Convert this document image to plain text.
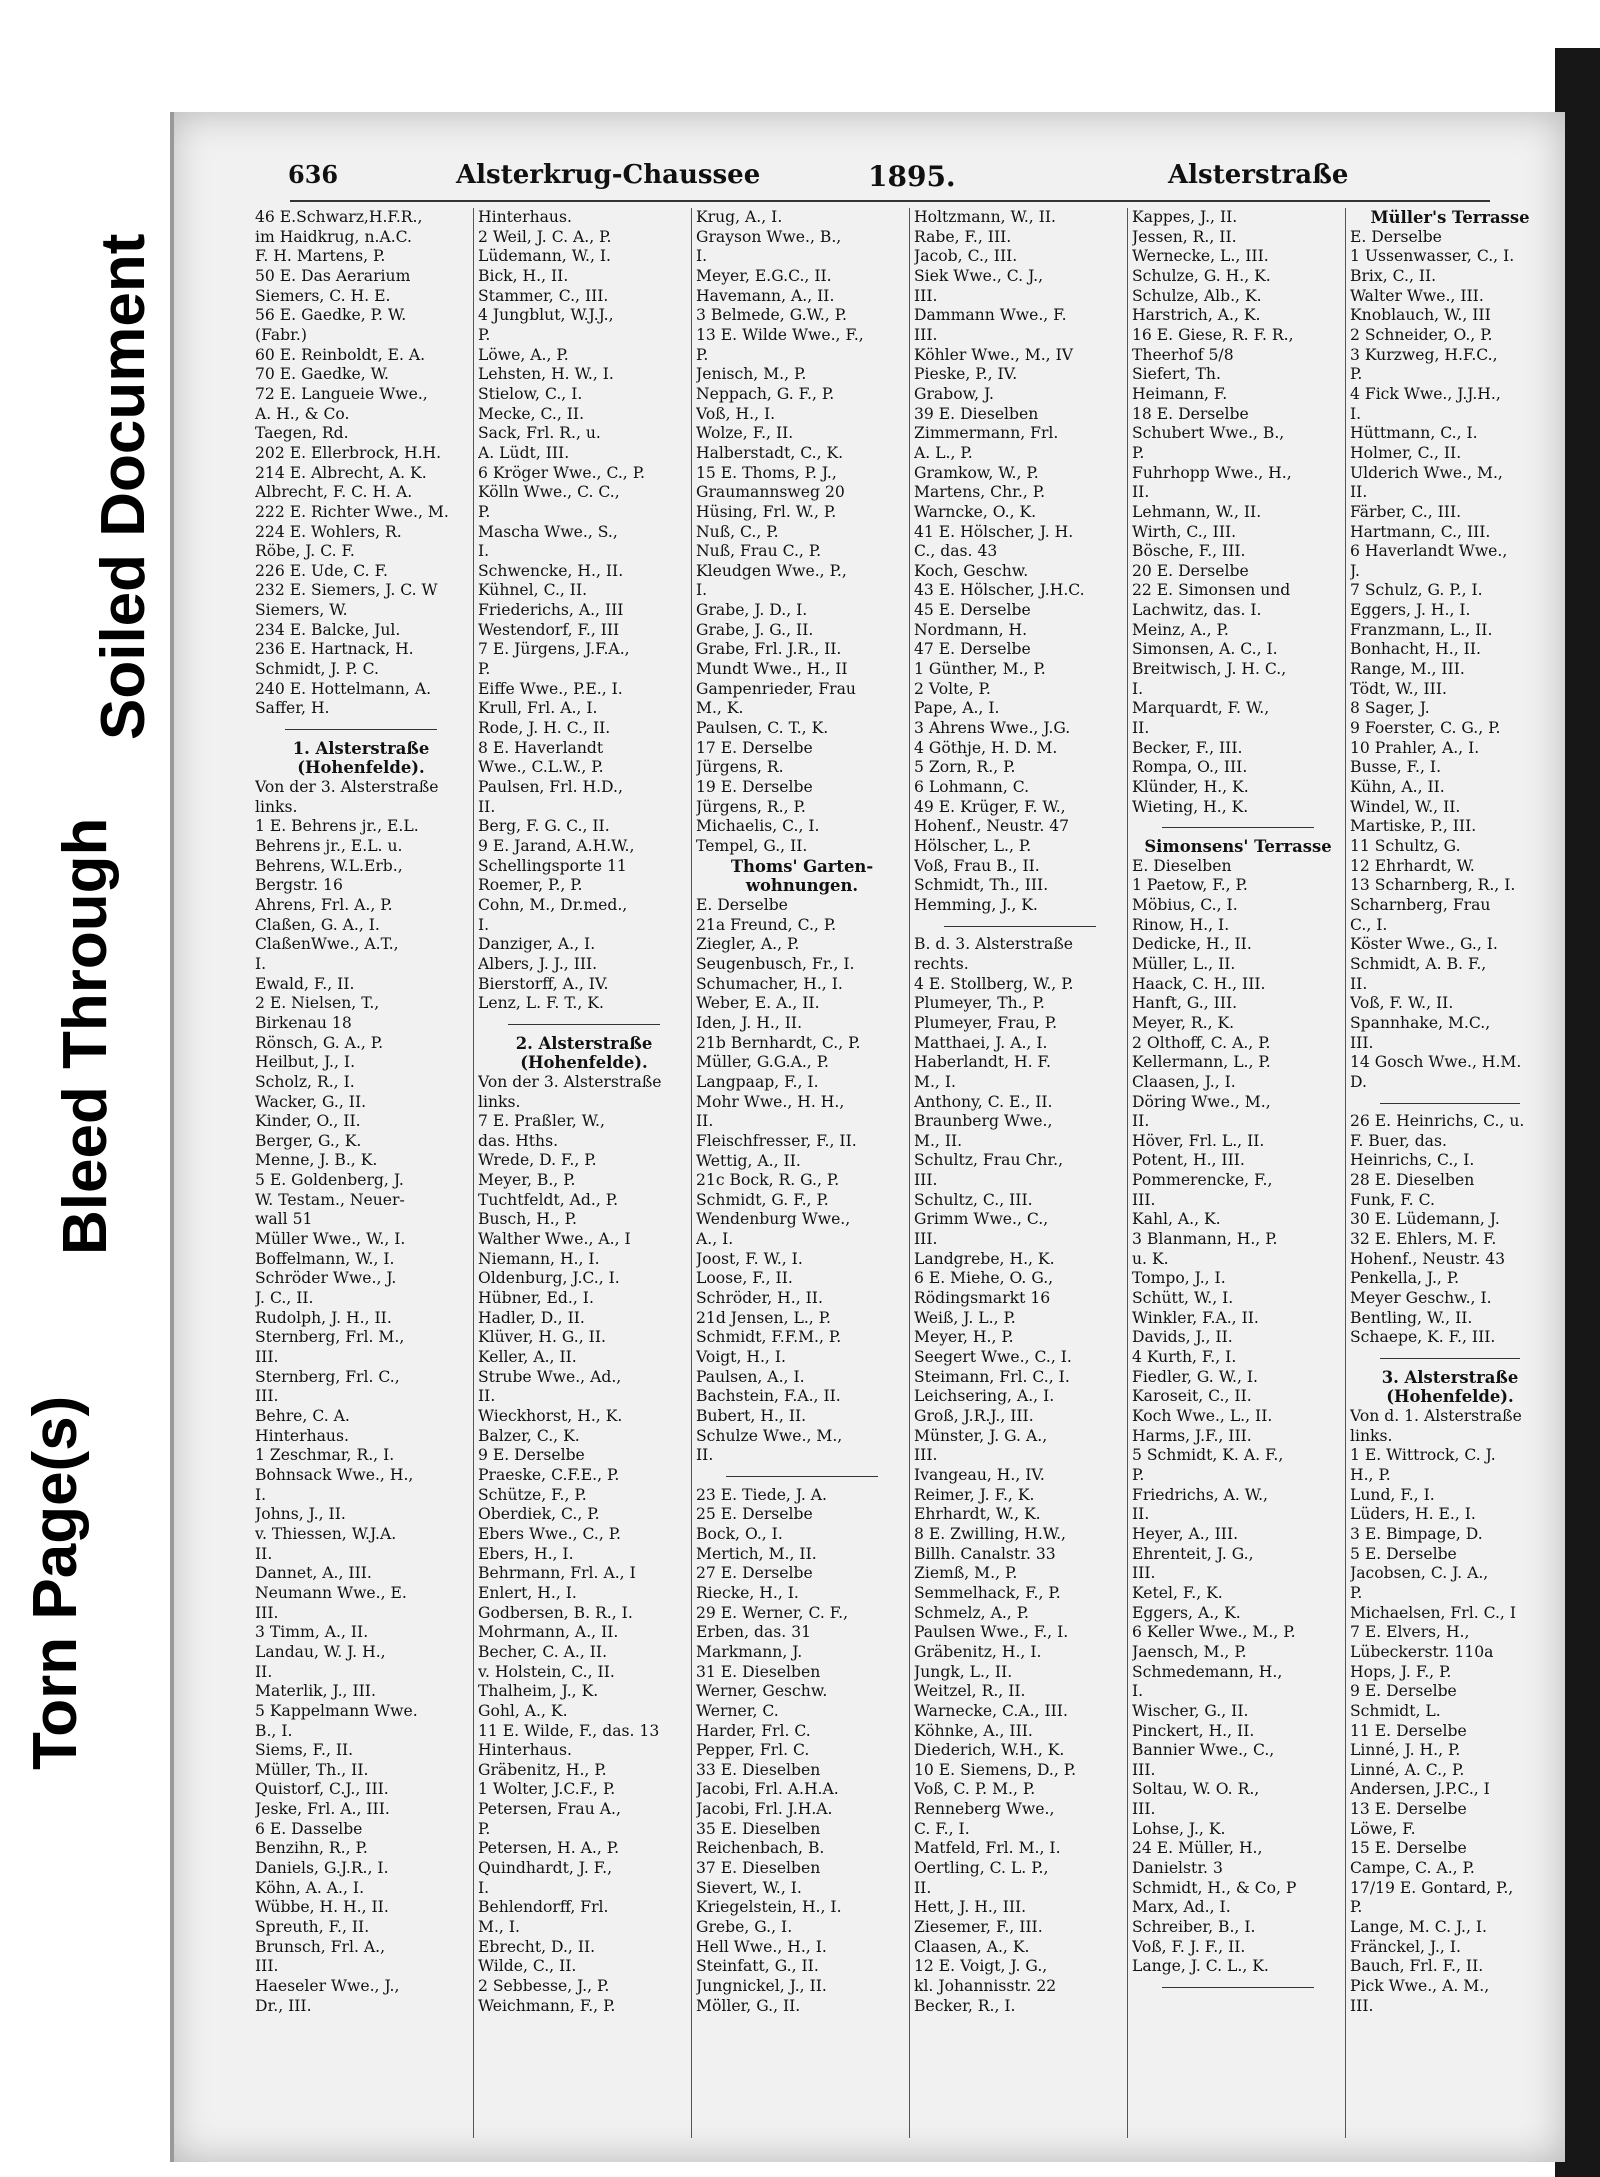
Torn Page(s)
Bleed Through
Soiled Document
636	Alsterkrug-Chaussee	1895.	Alsterstraße
46 E.Schwarz,H.F.R.,
im Haidkrug, n.A.C.
F. H. Martens, P.
50 E. Das Aerarium
Siemers, C. H. E.
56 E. Gaedke, P. W.
(Fabr.)
60 E. Reinboldt, E. A.
70 E. Gaedke, W.
72 E. Langueie Wwe.,
A. H., & Co.
Taegen, Rd.
202 E. Ellerbrock, H.H.
214 E. Albrecht, A. K.
Albrecht, F. C. H. A.
222 E. Richter Wwe., M.
224 E. Wohlers, R.
Röbe, J. C. F.
226 E. Ude, C. F.
232 E. Siemers, J. C. W
Siemers, W.
234 E. Balcke, Jul.
236 E. Hartnack, H.
Schmidt, J. P. C.
240 E. Hottelmann, A.
Saffer, H.
1. Alsterstraße
(Hohenfelde).
Von der 3. Alsterstraße
links.
1 E. Behrens jr., E.L.
Behrens jr., E.L. u.
Behrens, W.L.Erb.,
Bergstr. 16
Ahrens, Frl. A., P.
Claßen, G. A., I.
ClaßenWwe., A.T.,
I.
Ewald, F., II.
2 E. Nielsen, T.,
Birkenau 18
Rönsch, G. A., P.
Heilbut, J., I.
Scholz, R., I.
Wacker, G., II.
Kinder, O., II.
Berger, G., K.
Menne, J. B., K.
5 E. Goldenberg, J.
W. Testam., Neuer-
wall 51
Müller Wwe., W., I.
Boffelmann, W., I.
Schröder Wwe., J.
J. C., II.
Rudolph, J. H., II.
Sternberg, Frl. M.,
III.
Sternberg, Frl. C.,
III.
Behre, C. A.
Hinterhaus.
1 Zeschmar, R., I.
Bohnsack Wwe., H.,
I.
Johns, J., II.
v. Thiessen, W.J.A.
II.
Dannet, A., III.
Neumann Wwe., E.
III.
3 Timm, A., II.
Landau, W. J. H.,
II.
Materlik, J., III.
5 Kappelmann Wwe.
B., I.
Siems, F., II.
Müller, Th., II.
Quistorf, C.J., III.
Jeske, Frl. A., III.
6 E. Dasselbe
Benzihn, R., P.
Daniels, G.J.R., I.
Köhn, A. A., I.
Wübbe, H. H., II.
Spreuth, F., II.
Brunsch, Frl. A.,
III.
Haeseler Wwe., J.,
Dr., III.
Hinterhaus.
2 Weil, J. C. A., P.
Lüdemann, W., I.
Bick, H., II.
Stammer, C., III.
4 Jungblut, W.J.J.,
P.
Löwe, A., P.
Lehsten, H. W., I.
Stielow, C., I.
Mecke, C., II.
Sack, Frl. R., u.
A. Lüdt, III.
6 Kröger Wwe., C., P.
Kölln Wwe., C. C.,
P.
Mascha Wwe., S.,
I.
Schwencke, H., II.
Kühnel, C., II.
Friederichs, A., III
Westendorf, F., III
7 E. Jürgens, J.F.A.,
P.
Eiffe Wwe., P.E., I.
Krull, Frl. A., I.
Rode, J. H. C., II.
8 E. Haverlandt
Wwe., C.L.W., P.
Paulsen, Frl. H.D.,
II.
Berg, F. G. C., II.
9 E. Jarand, A.H.W.,
Schellingsporte 11
Roemer, P., P.
Cohn, M., Dr.med.,
I.
Danziger, A., I.
Albers, J. J., III.
Bierstorff, A., IV.
Lenz, L. F. T., K.
2. Alsterstraße
(Hohenfelde).
Von der 3. Alsterstraße
links.
7 E. Praßler, W.,
das. Hths.
Wrede, D. F., P.
Meyer, B., P.
Tuchtfeldt, Ad., P.
Busch, H., P.
Walther Wwe., A., I
Niemann, H., I.
Oldenburg, J.C., I.
Hübner, Ed., I.
Hadler, D., II.
Klüver, H. G., II.
Keller, A., II.
Strube Wwe., Ad.,
II.
Wieckhorst, H., K.
Balzer, C., K.
9 E. Derselbe
Praeske, C.F.E., P.
Schütze, F., P.
Oberdiek, C., P.
Ebers Wwe., C., P.
Ebers, H., I.
Behrmann, Frl. A., I
Enlert, H., I.
Godbersen, B. R., I.
Mohrmann, A., II.
Becher, C. A., II.
v. Holstein, C., II.
Thalheim, J., K.
Gohl, A., K.
11 E. Wilde, F., das. 13
Hinterhaus.
Gräbenitz, H., P.
1 Wolter, J.C.F., P.
Petersen, Frau A.,
P.
Petersen, H. A., P.
Quindhardt, J. F.,
I.
Behlendorff, Frl.
M., I.
Ebrecht, D., II.
Wilde, C., II.
2 Sebbesse, J., P.
Weichmann, F., P.
Krug, A., I.
Grayson Wwe., B.,
I.
Meyer, E.G.C., II.
Havemann, A., II.
3 Belmede, G.W., P.
13 E. Wilde Wwe., F.,
P.
Jenisch, M., P.
Neppach, G. F., P.
Voß, H., I.
Wolze, F., II.
Halberstadt, C., K.
15 E. Thoms, P. J.,
Graumannsweg 20
Hüsing, Frl. W., P.
Nuß, C., P.
Nuß, Frau C., P.
Kleudgen Wwe., P.,
I.
Grabe, J. D., I.
Grabe, J. G., II.
Grabe, Frl. J.R., II.
Mundt Wwe., H., II
Gampenrieder, Frau
M., K.
Paulsen, C. T., K.
17 E. Derselbe
Jürgens, R.
19 E. Derselbe
Jürgens, R., P.
Michaelis, C., I.
Tempel, G., II.
Thoms' Garten-
wohnungen.
E. Derselbe
21a Freund, C., P.
Ziegler, A., P.
Seugenbusch, Fr., I.
Schumacher, H., I.
Weber, E. A., II.
Iden, J. H., II.
21b Bernhardt, C., P.
Müller, G.G.A., P.
Langpaap, F., I.
Mohr Wwe., H. H.,
II.
Fleischfresser, F., II.
Wettig, A., II.
21c Bock, R. G., P.
Schmidt, G. F., P.
Wendenburg Wwe.,
A., I.
Joost, F. W., I.
Loose, F., II.
Schröder, H., II.
21d Jensen, L., P.
Schmidt, F.F.M., P.
Voigt, H., I.
Paulsen, A., I.
Bachstein, F.A., II.
Bubert, H., II.
Schulze Wwe., M.,
II.
23 E. Tiede, J. A.
25 E. Derselbe
Bock, O., I.
Mertich, M., II.
27 E. Derselbe
Riecke, H., I.
29 E. Werner, C. F.,
Erben, das. 31
Markmann, J.
31 E. Dieselben
Werner, Geschw.
Werner, C.
Harder, Frl. C.
Pepper, Frl. C.
33 E. Dieselben
Jacobi, Frl. A.H.A.
Jacobi, Frl. J.H.A.
35 E. Dieselben
Reichenbach, B.
37 E. Dieselben
Sievert, W., I.
Kriegelstein, H., I.
Grebe, G., I.
Hell Wwe., H., I.
Steinfatt, G., II.
Jungnickel, J., II.
Möller, G., II.
Holtzmann, W., II.
Rabe, F., III.
Jacob, C., III.
Siek Wwe., C. J.,
III.
Dammann Wwe., F.
III.
Köhler Wwe., M., IV
Pieske, P., IV.
Grabow, J.
39 E. Dieselben
Zimmermann, Frl.
A. L., P.
Gramkow, W., P.
Martens, Chr., P.
Warncke, O., K.
41 E. Hölscher, J. H.
C., das. 43
Koch, Geschw.
43 E. Hölscher, J.H.C.
45 E. Derselbe
Nordmann, H.
47 E. Derselbe
1 Günther, M., P.
2 Volte, P.
Pape, A., I.
3 Ahrens Wwe., J.G.
4 Göthje, H. D. M.
5 Zorn, R., P.
6 Lohmann, C.
49 E. Krüger, F. W.,
Hohenf., Neustr. 47
Hölscher, L., P.
Voß, Frau B., II.
Schmidt, Th., III.
Hemming, J., K.
B. d. 3. Alsterstraße
rechts.
4 E. Stollberg, W., P.
Plumeyer, Th., P.
Plumeyer, Frau, P.
Matthaei, J. A., I.
Haberlandt, H. F.
M., I.
Anthony, C. E., II.
Braunberg Wwe.,
M., II.
Schultz, Frau Chr.,
III.
Schultz, C., III.
Grimm Wwe., C.,
III.
Landgrebe, H., K.
6 E. Miehe, O. G.,
Rödingsmarkt 16
Weiß, J. L., P.
Meyer, H., P.
Seegert Wwe., C., I.
Steimann, Frl. C., I.
Leichsering, A., I.
Groß, J.R.J., III.
Münster, J. G. A.,
III.
Ivangeau, H., IV.
Reimer, J. F., K.
Ehrhardt, W., K.
8 E. Zwilling, H.W.,
Billh. Canalstr. 33
Ziemß, M., P.
Semmelhack, F., P.
Schmelz, A., P.
Paulsen Wwe., F., I.
Gräbenitz, H., I.
Jungk, L., II.
Weitzel, R., II.
Warnecke, C.A., III.
Köhnke, A., III.
Diederich, W.H., K.
10 E. Siemens, D., P.
Voß, C. P. M., P.
Renneberg Wwe.,
C. F., I.
Matfeld, Frl. M., I.
Oertling, C. L. P.,
II.
Hett, J. H., III.
Ziesemer, F., III.
Claasen, A., K.
12 E. Voigt, J. G.,
kl. Johannisstr. 22
Becker, R., I.
Kappes, J., II.
Jessen, R., II.
Wernecke, L., III.
Schulze, G. H., K.
Schulze, Alb., K.
Harstrich, A., K.
16 E. Giese, R. F. R.,
Theerhof 5/8
Siefert, Th.
Heimann, F.
18 E. Derselbe
Schubert Wwe., B.,
P.
Fuhrhopp Wwe., H.,
II.
Lehmann, W., II.
Wirth, C., III.
Bösche, F., III.
20 E. Derselbe
22 E. Simonsen und
Lachwitz, das. I.
Meinz, A., P.
Simonsen, A. C., I.
Breitwisch, J. H. C.,
I.
Marquardt, F. W.,
II.
Becker, F., III.
Rompa, O., III.
Klünder, H., K.
Wieting, H., K.
Simonsens' Terrasse
E. Dieselben
1 Paetow, F., P.
Möbius, C., I.
Rinow, H., I.
Dedicke, H., II.
Müller, L., II.
Haack, C. H., III.
Hanft, G., III.
Meyer, R., K.
2 Olthoff, C. A., P.
Kellermann, L., P.
Claasen, J., I.
Döring Wwe., M.,
II.
Höver, Frl. L., II.
Potent, H., III.
Pommerencke, F.,
III.
Kahl, A., K.
3 Blanmann, H., P.
u. K.
Tompo, J., I.
Schütt, W., I.
Winkler, F.A., II.
Davids, J., II.
4 Kurth, F., I.
Fiedler, G. W., I.
Karoseit, C., II.
Koch Wwe., L., II.
Harms, J.F., III.
5 Schmidt, K. A. F.,
P.
Friedrichs, A. W.,
II.
Heyer, A., III.
Ehrenteit, J. G.,
III.
Ketel, F., K.
Eggers, A., K.
6 Keller Wwe., M., P.
Jaensch, M., P.
Schmedemann, H.,
I.
Wischer, G., II.
Pinckert, H., II.
Bannier Wwe., C.,
III.
Soltau, W. O. R.,
III.
Lohse, J., K.
24 E. Müller, H.,
Danielstr. 3
Schmidt, H., & Co, P
Marx, Ad., I.
Schreiber, B., I.
Voß, F. J. F., II.
Lange, J. C. L., K.
Müller's Terrasse
E. Derselbe
1 Ussenwasser, C., I.
Brix, C., II.
Walter Wwe., III.
Knoblauch, W., III
2 Schneider, O., P.
3 Kurzweg, H.F.C.,
P.
4 Fick Wwe., J.J.H.,
I.
Hüttmann, C., I.
Holmer, C., II.
Ulderich Wwe., M.,
II.
Färber, C., III.
Hartmann, C., III.
6 Haverlandt Wwe.,
J.
7 Schulz, G. P., I.
Eggers, J. H., I.
Franzmann, L., II.
Bonhacht, H., II.
Range, M., III.
Tödt, W., III.
8 Sager, J.
9 Foerster, C. G., P.
10 Prahler, A., I.
Busse, F., I.
Kühn, A., II.
Windel, W., II.
Martiske, P., III.
11 Schultz, G.
12 Ehrhardt, W.
13 Scharnberg, R., I.
Scharnberg, Frau
C., I.
Köster Wwe., G., I.
Schmidt, A. B. F.,
II.
Voß, F. W., II.
Spannhake, M.C.,
III.
14 Gosch Wwe., H.M.
D.
26 E. Heinrichs, C., u.
F. Buer, das.
Heinrichs, C., I.
28 E. Dieselben
Funk, F. C.
30 E. Lüdemann, J.
32 E. Ehlers, M. F.
Hohenf., Neustr. 43
Penkella, J., P.
Meyer Geschw., I.
Bentling, W., II.
Schaepe, K. F., III.
3. Alsterstraße
(Hohenfelde).
Von d. 1. Alsterstraße
links.
1 E. Wittrock, C. J.
H., P.
Lund, F., I.
Lüders, H. E., I.
3 E. Bimpage, D.
5 E. Derselbe
Jacobsen, C. J. A.,
P.
Michaelsen, Frl. C., I
7 E. Elvers, H.,
Lübeckerstr. 110a
Hops, J. F., P.
9 E. Derselbe
Schmidt, L.
11 E. Derselbe
Linné, J. H., P.
Linné, A. C., P.
Andersen, J.P.C., I
13 E. Derselbe
Löwe, F.
15 E. Derselbe
Campe, C. A., P.
17/19 E. Gontard, P.,
P.
Lange, M. C. J., I.
Fränckel, J., I.
Bauch, Frl. F., II.
Pick Wwe., A. M.,
III.
